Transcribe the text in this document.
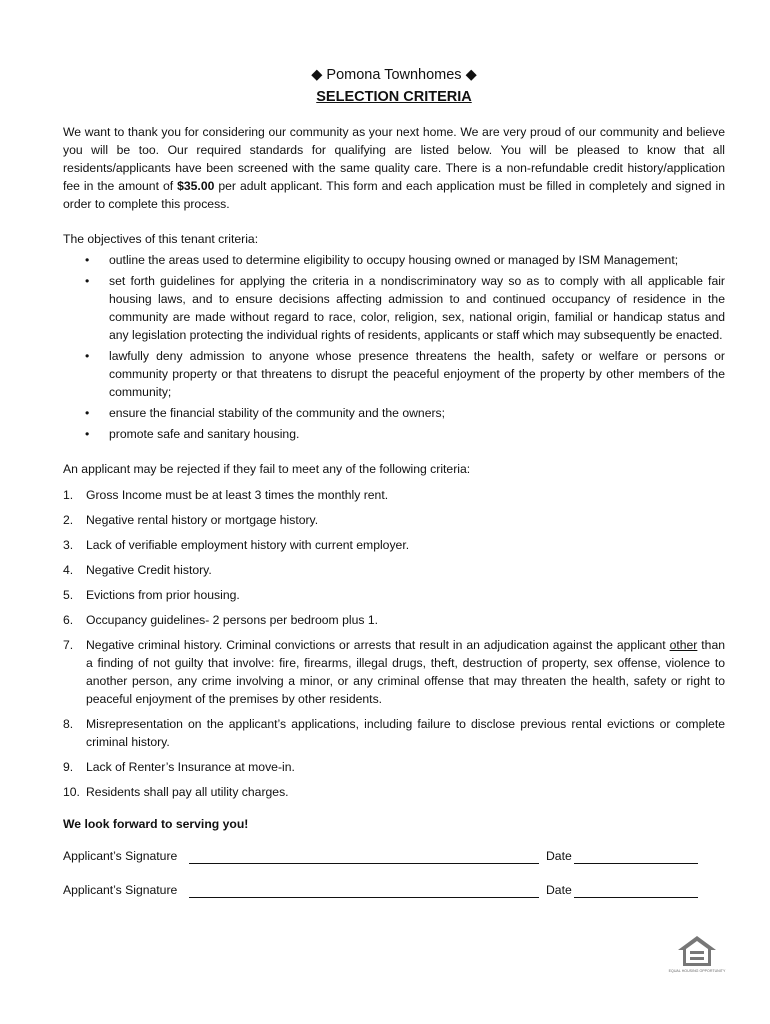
◆ Pomona Townhomes ◆

SELECTION CRITERIA

We want to thank you for considering our community as your next home. We are very proud of our community and believe you will be too. Our required standards for qualifying are listed below. You will be pleased to know that all residents/applicants have been screened with the same quality care. There is a non-refundable credit history/application fee in the amount of $35.00 per adult applicant. This form and each application must be filled in completely and signed in order to complete this process.

The objectives of this tenant criteria:

• outline the areas used to determine eligibility to occupy housing owned or managed by ISM Management;
• set forth guidelines for applying the criteria in a nondiscriminatory way so as to comply with all applicable fair housing laws, and to ensure decisions affecting admission to and continued occupancy of residence in the community are made without regard to race, color, religion, sex, national origin, familial or handicap status and any legislation protecting the individual rights of residents, applicants or staff which may subsequently be enacted.
• lawfully deny admission to anyone whose presence threatens the health, safety or welfare or persons or community property or that threatens to disrupt the peaceful enjoyment of the property by other members of the community;
• ensure the financial stability of the community and the owners;
• promote safe and sanitary housing.

An applicant may be rejected if they fail to meet any of the following criteria:

1. Gross Income must be at least 3 times the monthly rent.
2. Negative rental history or mortgage history.
3. Lack of verifiable employment history with current employer.
4. Negative Credit history.
5. Evictions from prior housing.
6. Occupancy guidelines- 2 persons per bedroom plus 1.
7. Negative criminal history. Criminal convictions or arrests that result in an adjudication against the applicant other than a finding of not guilty that involve: fire, firearms, illegal drugs, theft, destruction of property, sex offense, violence to another person, any crime involving a minor, or any criminal offense that may threaten the health, safety or right to peaceful enjoyment of the premises by other residents.
8. Misrepresentation on the applicant’s applications, including failure to disclose previous rental evictions or complete criminal history.
9. Lack of Renter’s Insurance at move-in.
10. Residents shall pay all utility charges.

We look forward to serving you!

Applicant’s Signature	Date
Applicant’s Signature	Date
EQUAL HOUSING OPPORTUNITY
